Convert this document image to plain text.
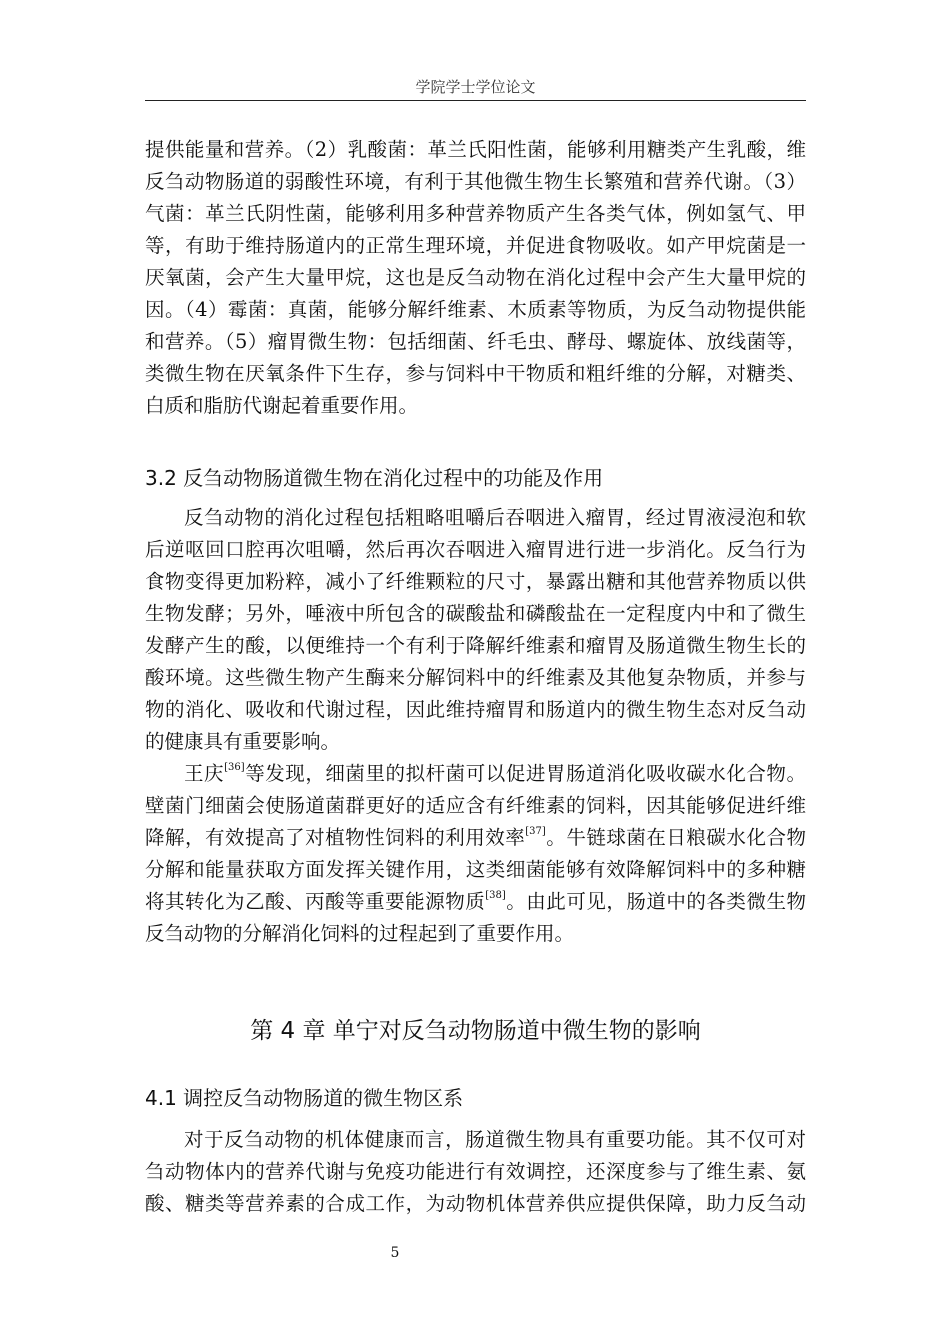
学院学士学位论文
提供能量和营养。（2）乳酸菌：革兰氏阳性菌，能够利用糖类产生乳酸，维
反刍动物肠道的弱酸性环境，有利于其他微生物生长繁殖和营养代谢。（3）
气菌：革兰氏阴性菌，能够利用多种营养物质产生各类气体，例如氢气、甲
等，有助于维持肠道内的正常生理环境，并促进食物吸收。如产甲烷菌是一
厌氧菌，会产生大量甲烷，这也是反刍动物在消化过程中会产生大量甲烷的
因。（4）霉菌：真菌，能够分解纤维素、木质素等物质，为反刍动物提供能
和营养。（5）瘤胃微生物：包括细菌、纤毛虫、酵母、螺旋体、放线菌等，
类微生物在厌氧条件下生存，参与饲料中干物质和粗纤维的分解，对糖类、
白质和脂肪代谢起着重要作用。
3.2 反刍动物肠道微生物在消化过程中的功能及作用
反刍动物的消化过程包括粗略咀嚼后吞咽进入瘤胃，经过胃液浸泡和软
后逆呕回口腔再次咀嚼，然后再次吞咽进入瘤胃进行进一步消化。反刍行为
食物变得更加粉粹，减小了纤维颗粒的尺寸，暴露出糖和其他营养物质以供
生物发酵；另外，唾液中所包含的碳酸盐和磷酸盐在一定程度内中和了微生
发酵产生的酸，以便维持一个有利于降解纤维素和瘤胃及肠道微生物生长的
酸环境。这些微生物产生酶来分解饲料中的纤维素及其他复杂物质，并参与
物的消化、吸收和代谢过程，因此维持瘤胃和肠道内的微生物生态对反刍动
的健康具有重要影响。
王庆[36]等发现，细菌里的拟杆菌可以促进胃肠道消化吸收碳水化合物。
壁菌门细菌会使肠道菌群更好的适应含有纤维素的饲料，因其能够促进纤维
降解，有效提高了对植物性饲料的利用效率[37]。牛链球菌在日粮碳水化合物
分解和能量获取方面发挥关键作用，这类细菌能够有效降解饲料中的多种糖
将其转化为乙酸、丙酸等重要能源物质[38]。由此可见，肠道中的各类微生物
反刍动物的分解消化饲料的过程起到了重要作用。
第 4 章 单宁对反刍动物肠道中微生物的影响
4.1 调控反刍动物肠道的微生物区系
对于反刍动物的机体健康而言，肠道微生物具有重要功能。其不仅可对
刍动物体内的营养代谢与免疫功能进行有效调控，还深度参与了维生素、氨
酸、糖类等营养素的合成工作，为动物机体营养供应提供保障，助力反刍动
5
